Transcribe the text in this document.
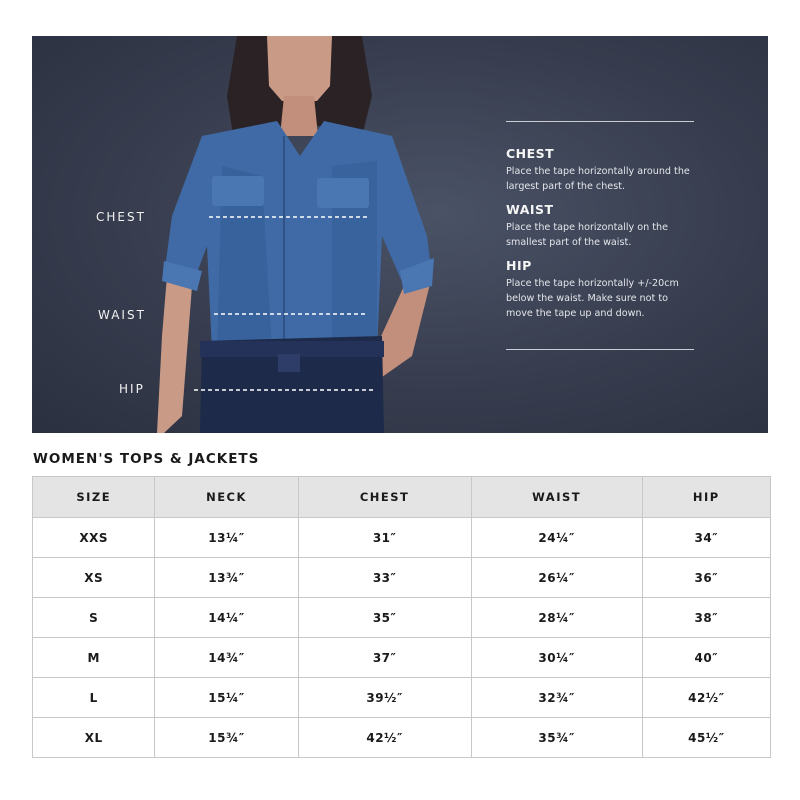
CHEST
WAIST
HIP
CHEST
Place the tape horizontally around the largest part of the chest.
WAIST
Place the tape horizontally on the smallest part of the waist.
HIP
Place the tape horizontally +/-20cm below the waist. Make sure not to move the tape up and down.
WOMEN'S TOPS & JACKETS
SIZE	NECK	CHEST	WAIST	HIP
XXS	13¼″	31″	24¼″	34″
XS	13¾″	33″	26¼″	36″
S	14¼″	35″	28¼″	38″
M	14¾″	37″	30¼″	40″
L	15¼″	39½″	32¾″	42½″
XL	15¾″	42½″	35¾″	45½″
